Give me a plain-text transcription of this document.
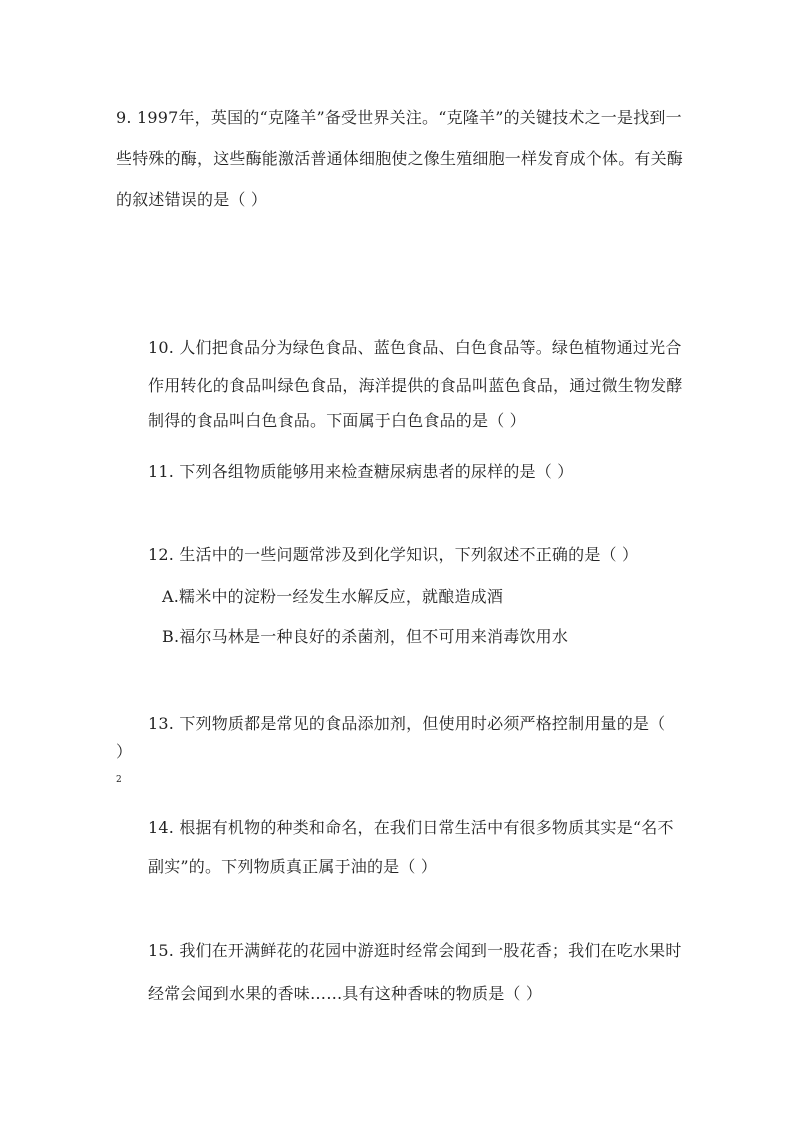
9. 1997年，英国的“克隆羊”备受世界关注。“克隆羊”的关键技术之一是找到一
些特殊的酶，这些酶能激活普通体细胞使之像生殖细胞一样发育成个体。有关酶
的叙述错误的是（ ）
10. 人们把食品分为绿色食品、蓝色食品、白色食品等。绿色植物通过光合
作用转化的食品叫绿色食品，海洋提供的食品叫蓝色食品，通过微生物发酵
制得的食品叫白色食品。下面属于白色食品的是（ ）
11. 下列各组物质能够用来检查糖尿病患者的尿样的是（ ）
12. 生活中的一些问题常涉及到化学知识，下列叙述不正确的是（ ）
A.糯米中的淀粉一经发生水解反应，就酿造成酒
B.福尔马林是一种良好的杀菌剂，但不可用来消毒饮用水
13. 下列物质都是常见的食品添加剂，但使用时必须严格控制用量的是（
）
2
14. 根据有机物的种类和命名，在我们日常生活中有很多物质其实是“名不
副实”的。下列物质真正属于油的是（ ）
15. 我们在开满鲜花的花园中游逛时经常会闻到一股花香；我们在吃水果时
经常会闻到水果的香味……具有这种香味的物质是（ ）
